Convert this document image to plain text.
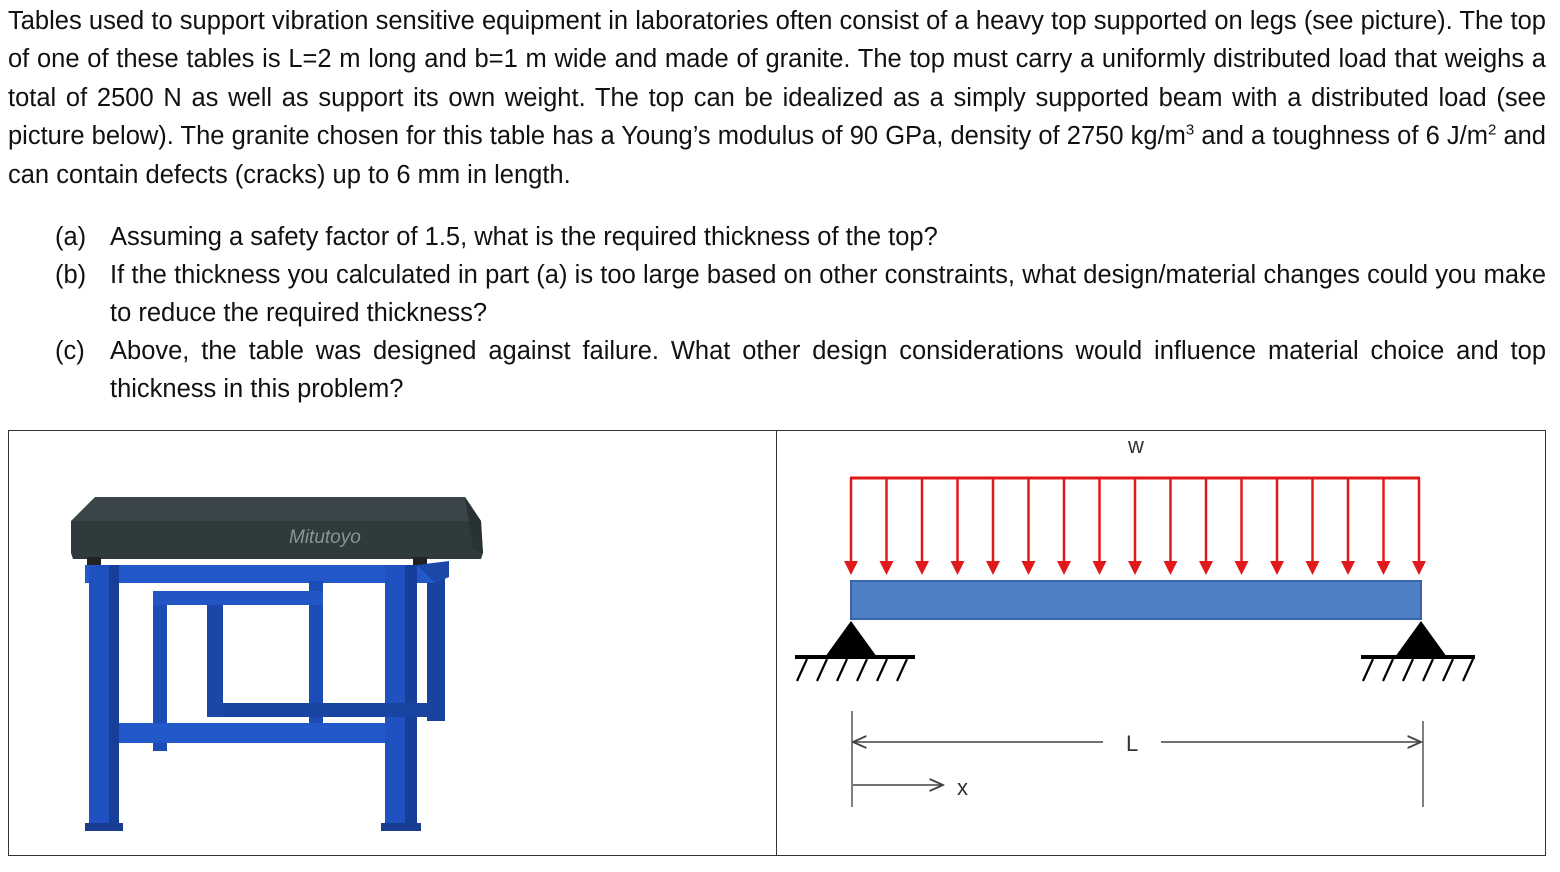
Tables used to support vibration sensitive equipment in laboratories often consist of a heavy top supported on legs (see picture). The top of one of these tables is L=2 m long and b=1 m wide and made of granite. The top must carry a uniformly distributed load that weighs a total of 2500 N as well as support its own weight. The top can be idealized as a simply supported beam with a distributed load (see picture below). The granite chosen for this table has a Young’s modulus of 90 GPa, density of 2750 $kg/m^3$ and a toughness of 6 $J/m^2$ and can contain defects (cracks) up to 6 mm in length.

(a) Assuming a safety factor of 1.5, what is the required thickness of the top?
(b) If the thickness you calculated in part (a) is too large based on other constraints, what design/material changes could you make to reduce the required thickness?
(c) Above, the table was designed against failure. What other design considerations would influence material choice and top thickness in this problem?
Mitutoyo
w
L
x
